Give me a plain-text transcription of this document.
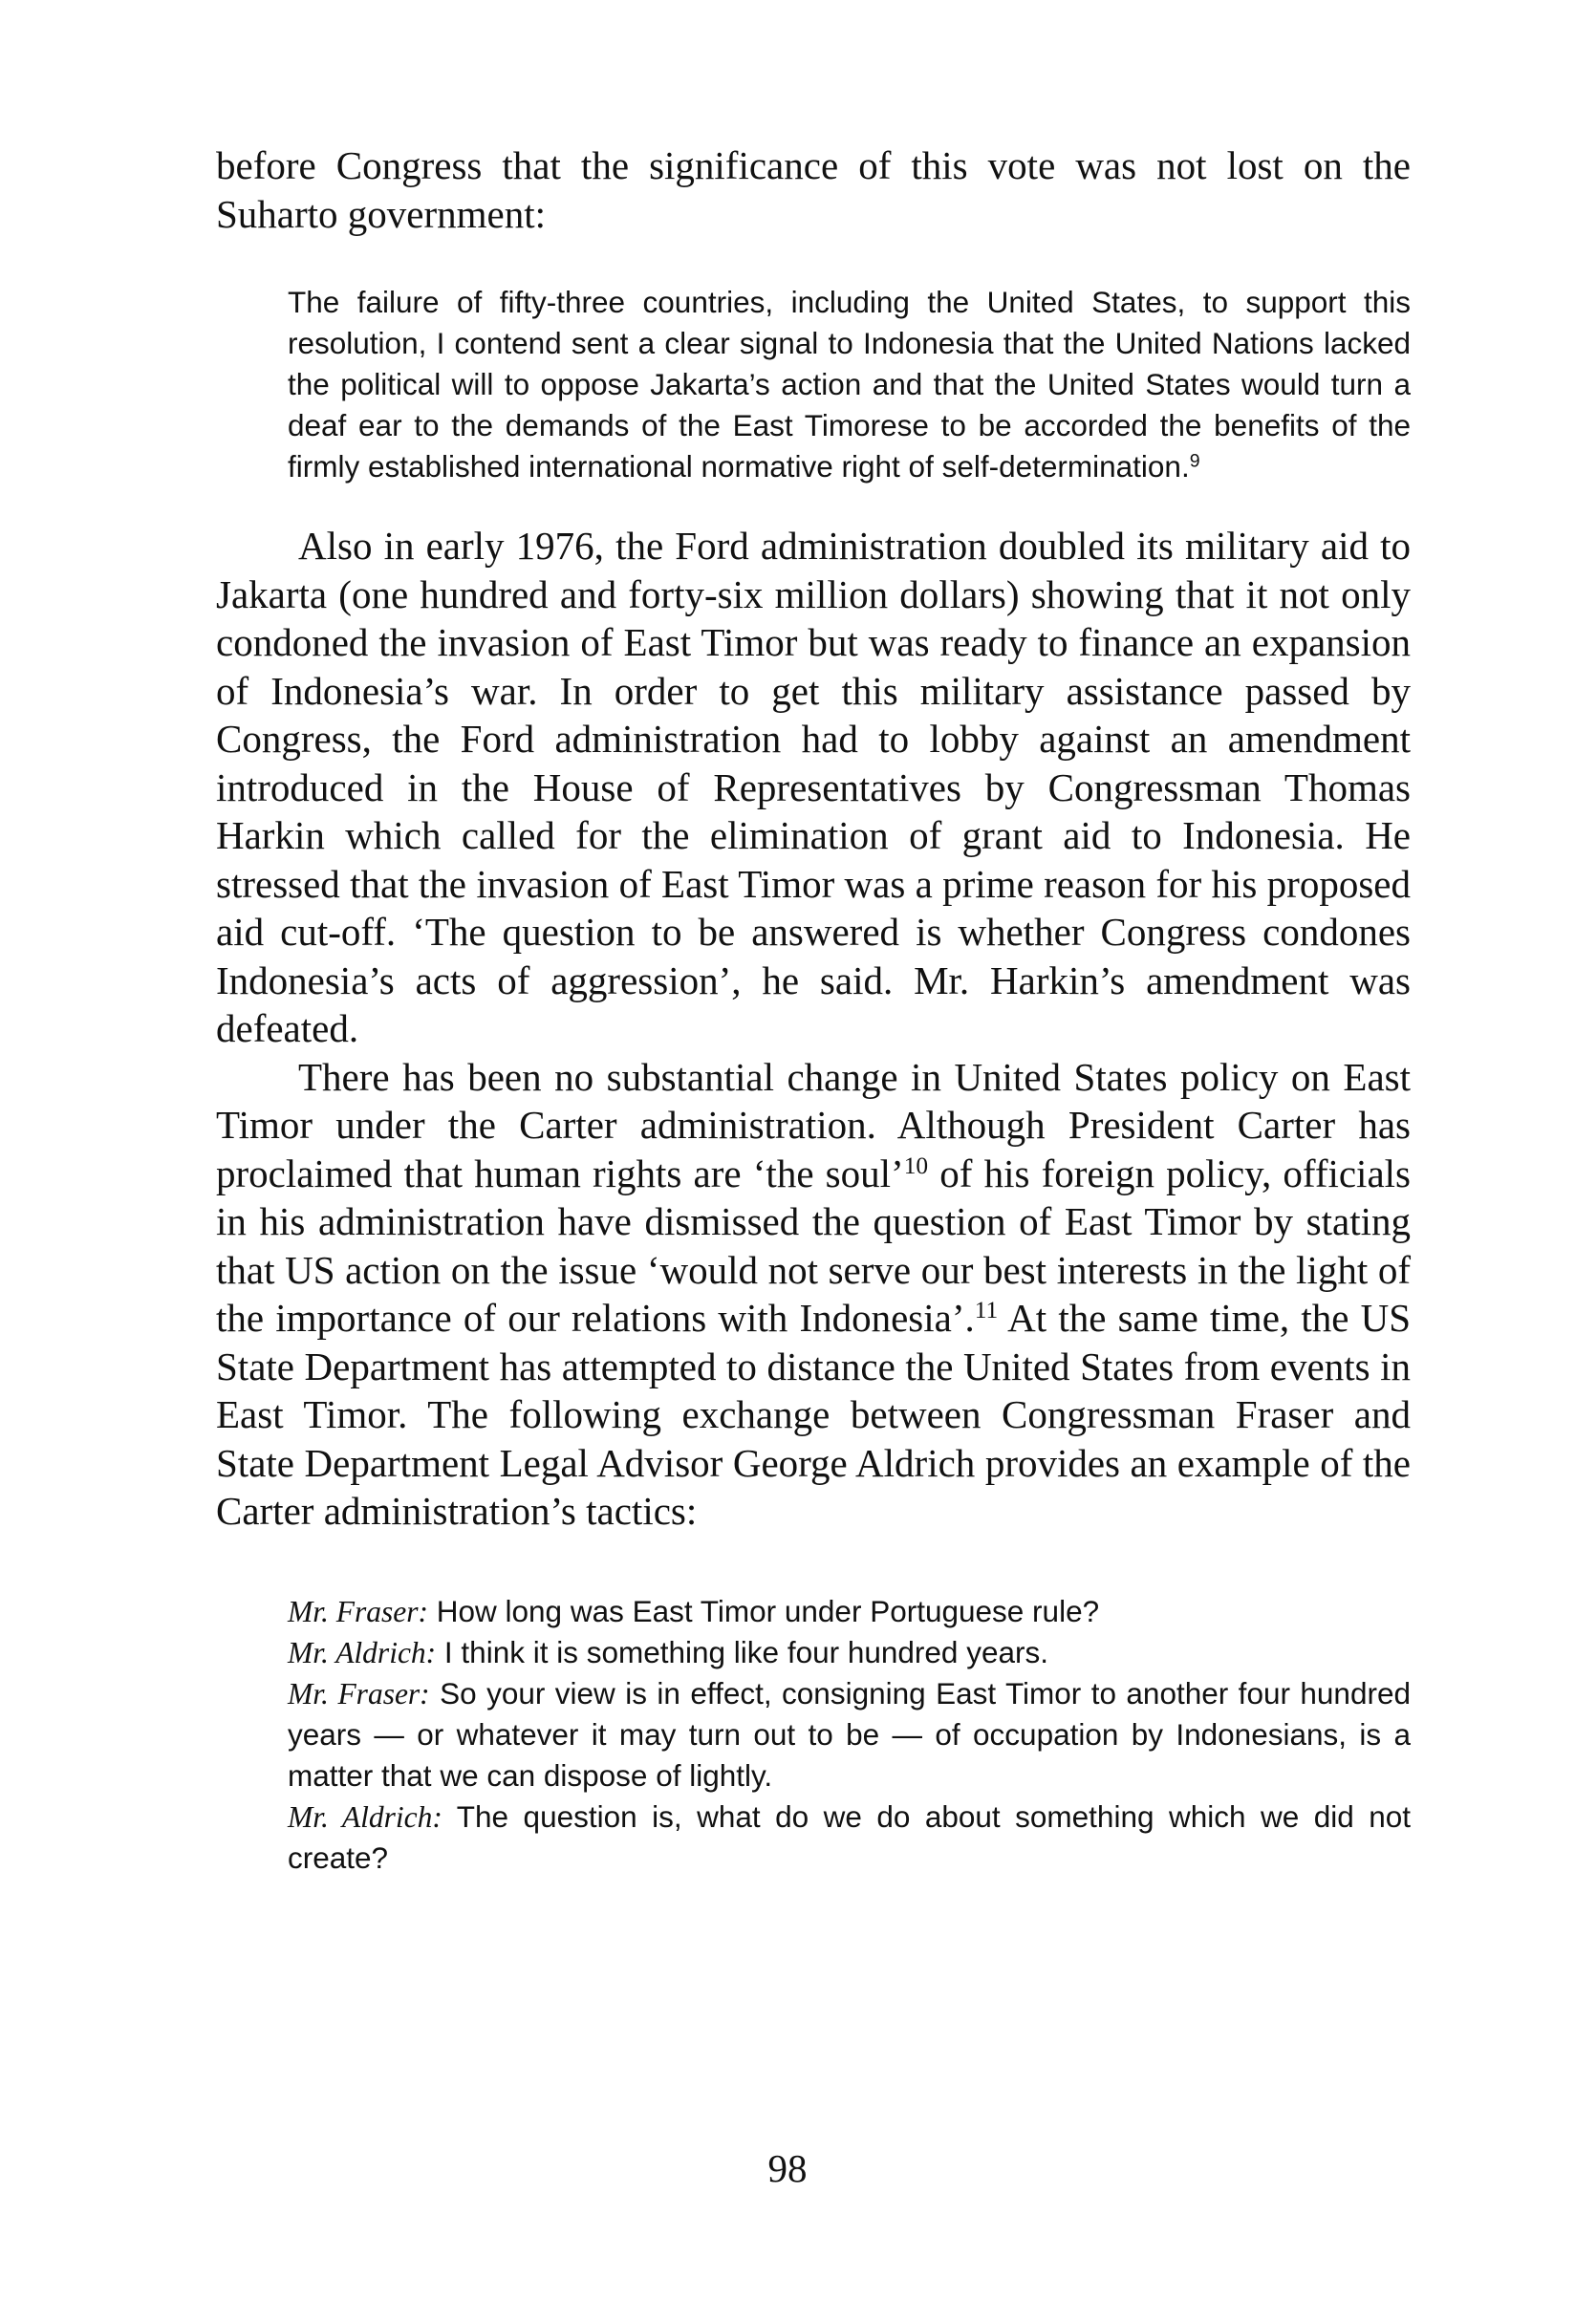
before Congress that the significance of this vote was not lost on the Suharto government:

The failure of fifty-three countries, including the United States, to support this resolution, I contend sent a clear signal to Indonesia that the United Nations lacked the political will to oppose Jakarta’s action and that the United States would turn a deaf ear to the demands of the East Timorese to be accorded the benefits of the firmly established international normative right of self-determination.$^9$

Also in early 1976, the Ford administration doubled its military aid to Jakarta (one hundred and forty-six million dollars) showing that it not only condoned the invasion of East Timor but was ready to finance an expansion of Indonesia’s war. In order to get this military assistance passed by Congress, the Ford administration had to lobby against an amendment introduced in the House of Representatives by Congressman Thomas Harkin which called for the elimination of grant aid to Indonesia. He stressed that the invasion of East Timor was a prime reason for his proposed aid cut-off. ‘The question to be answered is whether Congress condones Indonesia’s acts of aggression’, he said. Mr. Harkin’s amendment was defeated.

There has been no substantial change in United States policy on East Timor under the Carter administration. Although President Carter has proclaimed that human rights are ‘the soul’$^{10}$ of his foreign policy, officials in his administration have dismissed the question of East Timor by stating that US action on the issue ‘would not serve our best interests in the light of the importance of our relations with Indonesia’.$^{11}$ At the same time, the US State Department has attempted to distance the United States from events in East Timor. The following exchange between Congressman Fraser and State Department Legal Advisor George Aldrich provides an example of the Carter administration’s tactics:

Mr. Fraser: How long was East Timor under Portuguese rule?

Mr. Aldrich: I think it is something like four hundred years.

Mr. Fraser: So your view is in effect, consigning East Timor to another four hundred years — or whatever it may turn out to be — of occupation by Indonesians, is a matter that we can dispose of lightly.

Mr. Aldrich: The question is, what do we do about something which we did not create?

98
